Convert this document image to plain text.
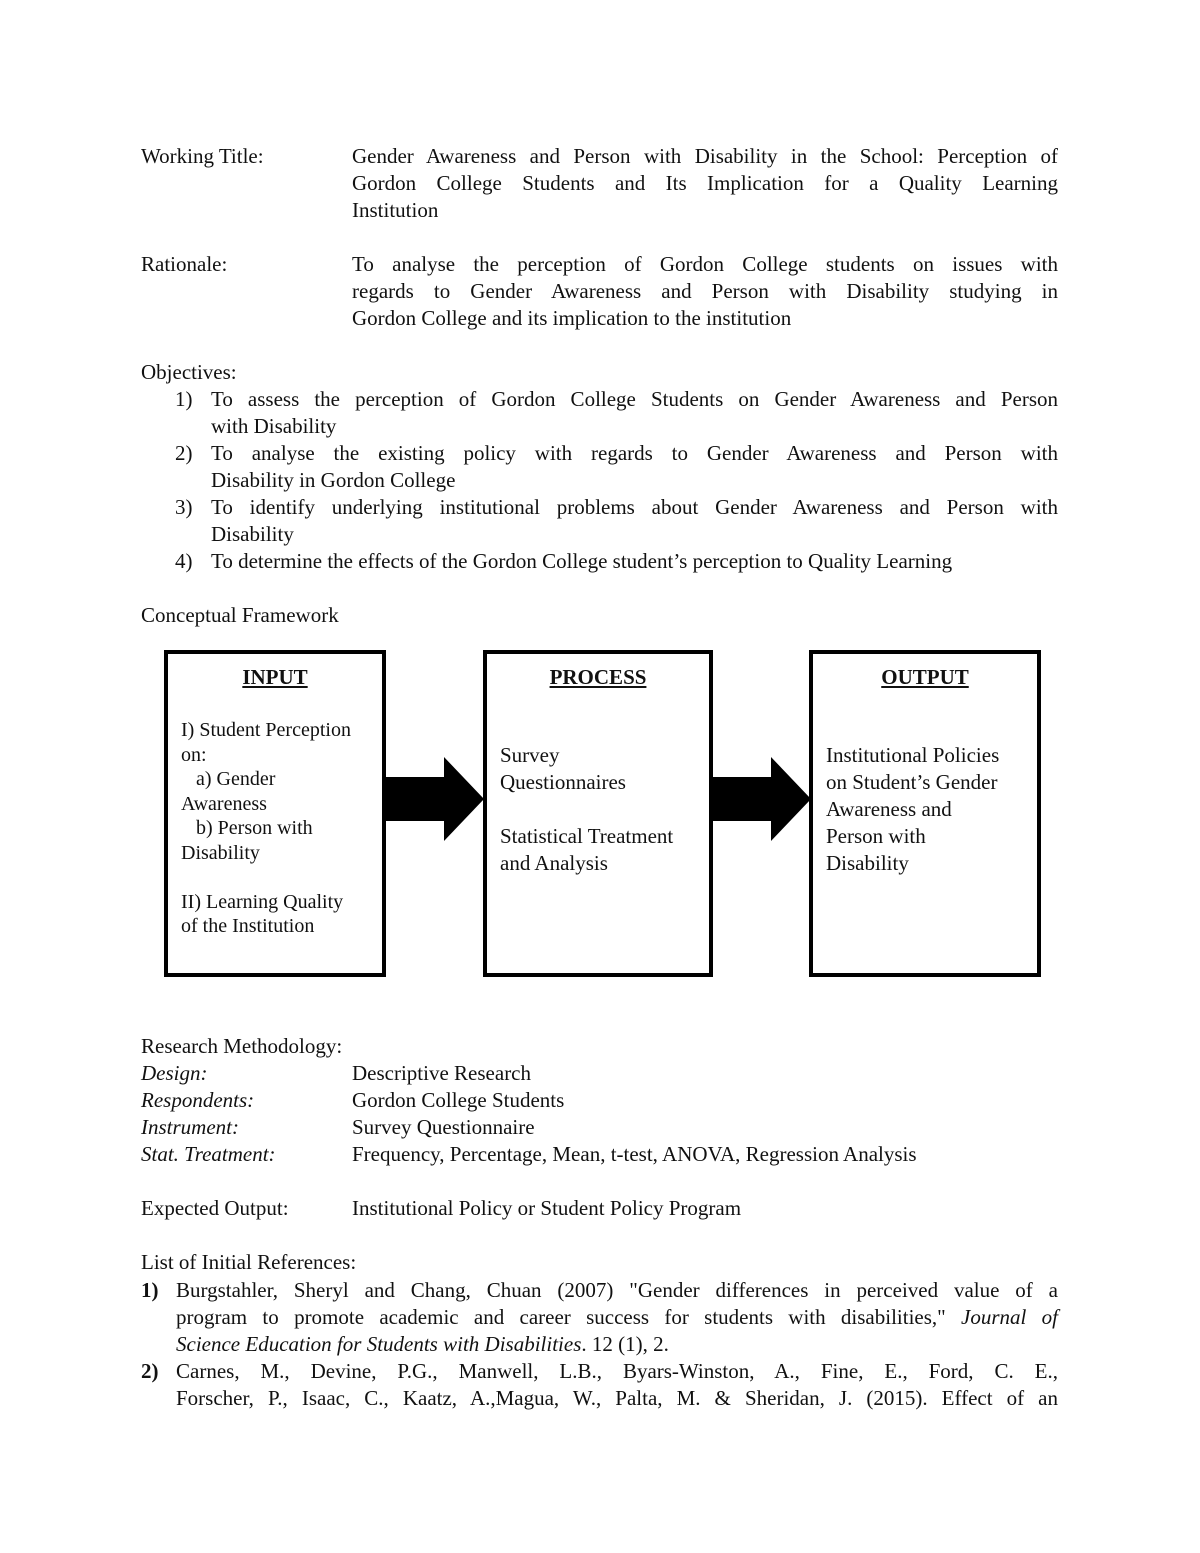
Working Title:	Gender Awareness and Person with Disability in the School: Perception of
Gordon College Students and Its Implication for a Quality Learning
Institution
Rationale:	To analyse the perception of Gordon College students on issues with
regards to Gender Awareness and Person with Disability studying in
Gordon College and its implication to the institution
Objectives:
1) To assess the perception of Gordon College Students on Gender Awareness and Person
with Disability
2) To analyse the existing policy with regards to Gender Awareness and Person with
Disability in Gordon College
3) To identify underlying institutional problems about Gender Awareness and Person with
Disability
4) To determine the effects of the Gordon College student’s perception to Quality Learning
Conceptual Framework
INPUT
I) Student Perception
on:
a) Gender
Awareness
b) Person with
Disability
II) Learning Quality
of the Institution
PROCESS
Survey
Questionnaires
Statistical Treatment
and Analysis
OUTPUT
Institutional Policies
on Student’s Gender
Awareness and
Person with
Disability
Research Methodology:
Design:	Descriptive Research
Respondents:	Gordon College Students
Instrument:	Survey Questionnaire
Stat. Treatment:	Frequency, Percentage, Mean, t-test, ANOVA, Regression Analysis
Expected Output:	Institutional Policy or Student Policy Program
List of Initial References:
1) Burgstahler, Sheryl and Chang, Chuan (2007) "Gender differences in perceived value of a
program to promote academic and career success for students with disabilities," Journal of
Science Education for Students with Disabilities. 12 (1), 2.
2) Carnes, M., Devine, P.G., Manwell, L.B., Byars-Winston, A., Fine, E., Ford, C. E.,
Forscher, P., Isaac, C., Kaatz, A.,Magua, W., Palta, M. & Sheridan, J. (2015). Effect of an
